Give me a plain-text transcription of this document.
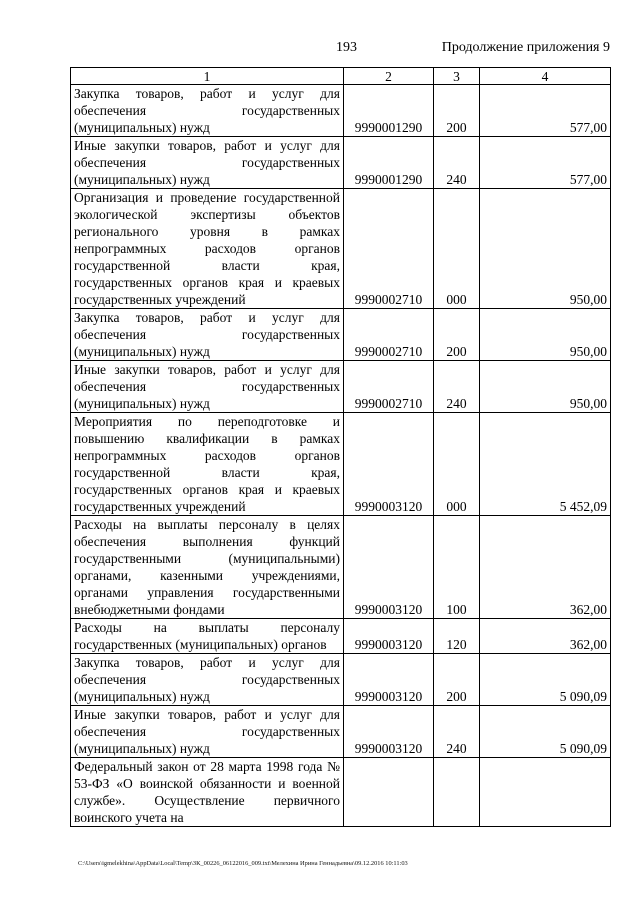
193	Продолжение приложения 9
1	2	3	4
Закупка товаров, работ и услуг для обеспечения государственных (муниципальных) нужд	9990001290	200	577,00
Иные закупки товаров, работ и услуг для обеспечения государственных (муниципальных) нужд	9990001290	240	577,00
Организация и проведение государственной экологической экспертизы объектов регионального уровня в рамках непрограммных расходов органов государственной власти края, государственных органов края и краевых государственных учреждений	9990002710	000	950,00
Закупка товаров, работ и услуг для обеспечения государственных (муниципальных) нужд	9990002710	200	950,00
Иные закупки товаров, работ и услуг для обеспечения государственных (муниципальных) нужд	9990002710	240	950,00
Мероприятия по переподготовке и повышению квалификации в рамках непрограммных расходов органов государственной власти края, государственных органов края и краевых государственных учреждений	9990003120	000	5 452,09
Расходы на выплаты персоналу в целях обеспечения выполнения функций государственными (муниципальными) органами, казенными учреждениями, органами управления государственными внебюджетными фондами	9990003120	100	362,00
Расходы на выплаты персоналу государственных (муниципальных) органов	9990003120	120	362,00
Закупка товаров, работ и услуг для обеспечения государственных (муниципальных) нужд	9990003120	200	5 090,09
Иные закупки товаров, работ и услуг для обеспечения государственных (муниципальных) нужд	9990003120	240	5 090,09
Федеральный закон от 28 марта 1998 года № 53-ФЗ «О воинской обязанности и военной службе». Осуществление первичного воинского учета на			
C:\Users\igmelekhina\AppData\Local\Temp\ЗК_00226_06122016_009.txt\Мелехина Ирина Геннадьевна\09.12.2016 10:11:03
